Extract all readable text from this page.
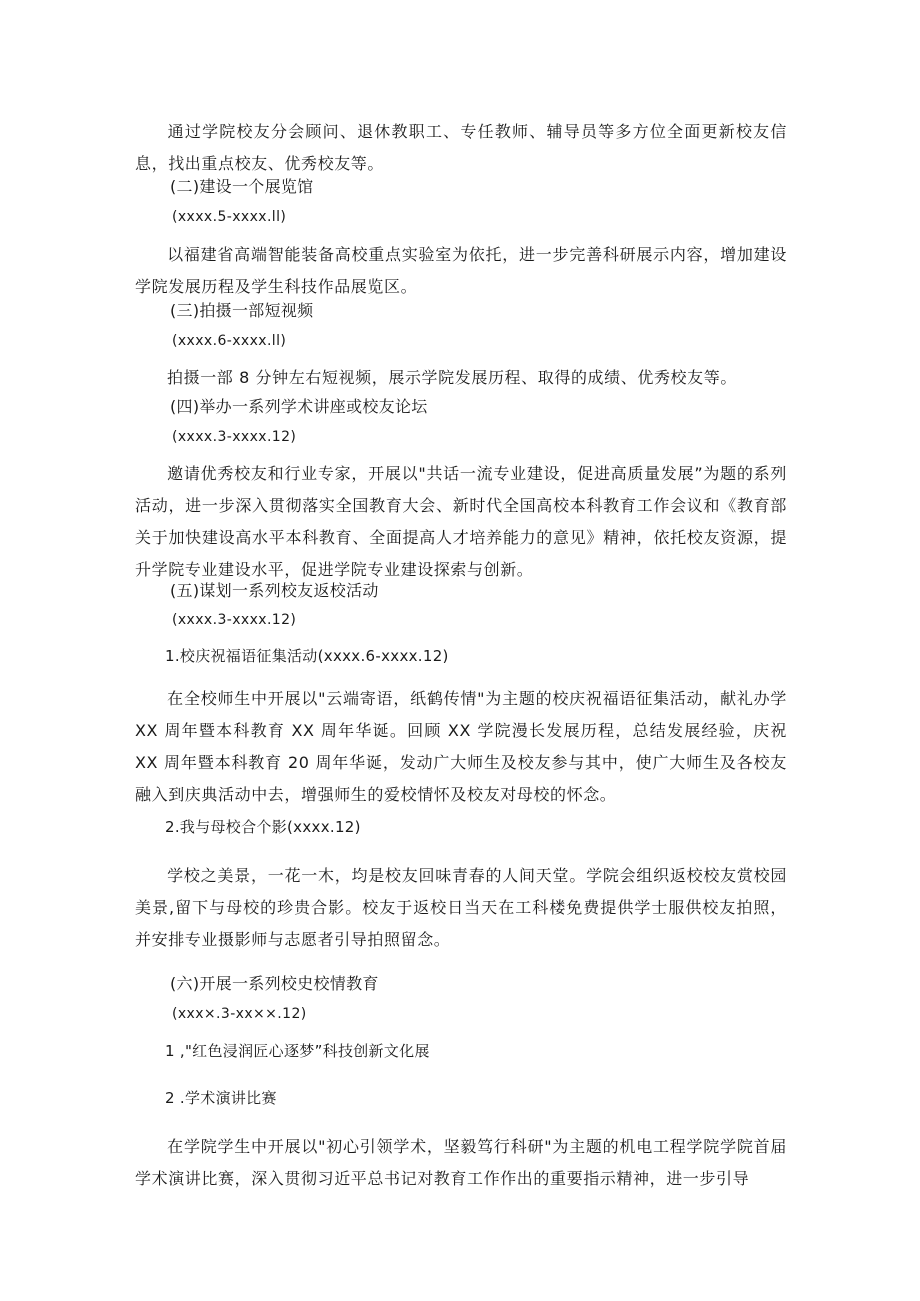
通过学院校友分会顾问、退休教职工、专任教师、辅导员等多方位全面更新校友信息，找出重点校友、优秀校友等。
(二)建设一个展览馆
(xxxx.5-xxxx.ll)
以福建省高端智能装备高校重点实验室为依托，进一步完善科研展示内容，增加建设学院发展历程及学生科技作品展览区。
(三)拍摄一部短视频
(xxxx.6-xxxx.ll)
拍摄一部 8 分钟左右短视频，展示学院发展历程、取得的成绩、优秀校友等。
(四)举办一系列学术讲座或校友论坛
(xxxx.3-xxxx.12)
邀请优秀校友和行业专家，开展以"共话一流专业建设，促进高质量发展”为题的系列活动，进一步深入贯彻落实全国教育大会、新时代全国高校本科教育工作会议和《教育部关于加快建设高水平本科教育、全面提高人才培养能力的意见》精神，依托校友资源，提升学院专业建设水平，促进学院专业建设探索与创新。
(五)谋划一系列校友返校活动
(xxxx.3-xxxx.12)
1.校庆祝福语征集活动(xxxx.6-xxxx.12)
在全校师生中开展以"云端寄语，纸鹤传情"为主题的校庆祝福语征集活动，献礼办学 XX 周年暨本科教育 XX 周年华诞。回顾 XX 学院漫长发展历程，总结发展经验，庆祝 XX 周年暨本科教育 20 周年华诞，发动广大师生及校友参与其中，使广大师生及各校友融入到庆典活动中去，增强师生的爱校情怀及校友对母校的怀念。
2.我与母校合个影(xxxx.12)
学校之美景，一花一木，均是校友回味青春的人间天堂。学院会组织返校校友赏校园美景,留下与母校的珍贵合影。校友于返校日当天在工科楼免费提供学士服供校友拍照，并安排专业摄影师与志愿者引导拍照留念。
(六)开展一系列校史校情教育
(xxx×.3-xx××.12)
1 ,"红色浸润匠心逐梦”科技创新文化展
2 .学术演讲比赛
在学院学生中开展以"初心引领学术，坚毅笃行科研"为主题的机电工程学院学院首届学术演讲比赛，深入贯彻习近平总书记对教育工作作出的重要指示精神，进一步引导
